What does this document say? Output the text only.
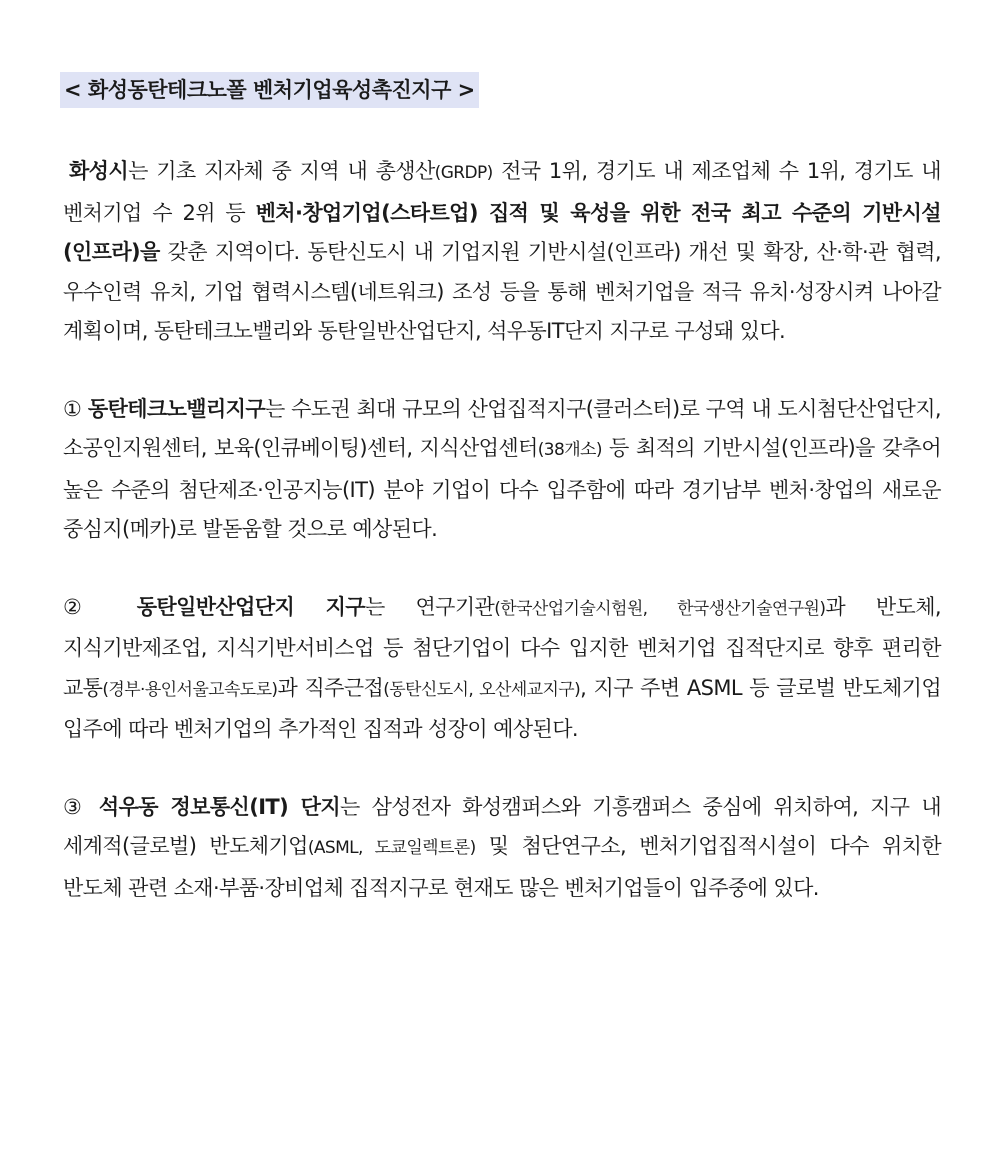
< 화성동탄테크노폴 벤처기업육성촉진지구 >

화성시는 기초 지자체 중 지역 내 총생산(GRDP) 전국 1위, 경기도 내 제조업체 수 1위, 경기도 내 벤처기업 수 2위 등 벤처·창업기업(스타트업) 집적 및 육성을 위한 전국 최고 수준의 기반시설(인프라)을 갖춘 지역이다. 동탄신도시 내 기업지원 기반시설(인프라) 개선 및 확장, 산·학·관 협력, 우수인력 유치, 기업 협력시스템(네트워크) 조성 등을 통해 벤처기업을 적극 유치·성장시켜 나아갈 계획이며, 동탄테크노밸리와 동탄일반산업단지, 석우동IT단지 지구로 구성돼 있다.

① 동탄테크노밸리지구는 수도권 최대 규모의 산업집적지구(클러스터)로 구역 내 도시첨단산업단지, 소공인지원센터, 보육(인큐베이팅)센터, 지식산업센터(38개소) 등 최적의 기반시설(인프라)을 갖추어 높은 수준의 첨단제조·인공지능(IT) 분야 기업이 다수 입주함에 따라 경기남부 벤처·창업의 새로운 중심지(메카)로 발돋움할 것으로 예상된다.

② 동탄일반산업단지 지구는 연구기관(한국산업기술시험원, 한국생산기술연구원)과 반도체, 지식기반제조업, 지식기반서비스업 등 첨단기업이 다수 입지한 벤처기업 집적단지로 향후 편리한 교통(경부·용인서울고속도로)과 직주근접(동탄신도시, 오산세교지구), 지구 주변 ASML 등 글로벌 반도체기업 입주에 따라 벤처기업의 추가적인 집적과 성장이 예상된다.

③ 석우동 정보통신(IT) 단지는 삼성전자 화성캠퍼스와 기흥캠퍼스 중심에 위치하여, 지구 내 세계적(글로벌) 반도체기업(ASML, 도쿄일렉트론) 및 첨단연구소, 벤처기업집적시설이 다수 위치한 반도체 관련 소재·부품·장비업체 집적지구로 현재도 많은 벤처기업들이 입주중에 있다.
